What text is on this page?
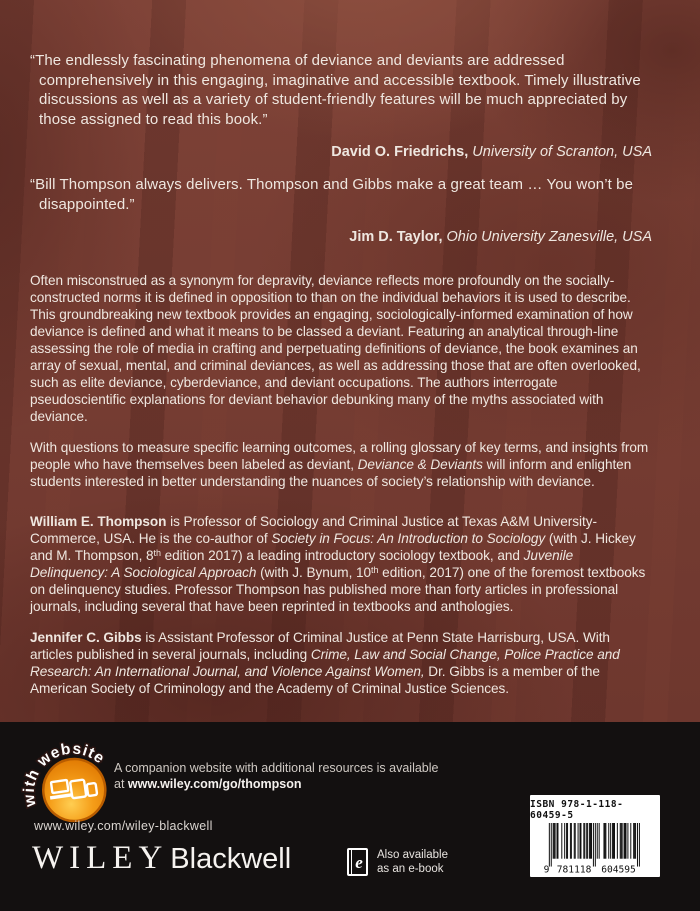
“The endlessly fascinating phenomena of deviance and deviants are addressed comprehensively in this engaging, imaginative and accessible textbook. Timely illustrative discussions as well as a variety of student-friendly features will be much appreciated by those assigned to read this book.”

David O. Friedrichs, University of Scranton, USA

“Bill Thompson always delivers. Thompson and Gibbs make a great team … You won’t be disappointed.”

Jim D. Taylor, Ohio University Zanesville, USA

Often misconstrued as a synonym for depravity, deviance reflects more profoundly on the socially-constructed norms it is defined in opposition to than on the individual behaviors it is used to describe. This groundbreaking new textbook provides an engaging, sociologically-informed examination of how deviance is defined and what it means to be classed a deviant. Featuring an analytical through-line assessing the role of media in crafting and perpetuating definitions of deviance, the book examines an array of sexual, mental, and criminal deviances, as well as addressing those that are often overlooked, such as elite deviance, cyberdeviance, and deviant occupations. The authors interrogate pseudoscientific explanations for deviant behavior debunking many of the myths associated with deviance.

With questions to measure specific learning outcomes, a rolling glossary of key terms, and insights from people who have themselves been labeled as deviant, Deviance & Deviants will inform and enlighten students interested in better understanding the nuances of society’s relationship with deviance.

William E. Thompson is Professor of Sociology and Criminal Justice at Texas A&M University-Commerce, USA. He is the co-author of Society in Focus: An Introduction to Sociology (with J. Hickey and M. Thompson, 8th edition 2017) a leading introductory sociology textbook, and Juvenile Delinquency: A Sociological Approach (with J. Bynum, 10th edition, 2017) one of the foremost textbooks on delinquency studies. Professor Thompson has published more than forty articles in professional journals, including several that have been reprinted in textbooks and anthologies.

Jennifer C. Gibbs is Assistant Professor of Criminal Justice at Penn State Harrisburg, USA. With articles published in several journals, including Crime, Law and Social Change, Police Practice and Research: An International Journal, and Violence Against Women, Dr. Gibbs is a member of the American Society of Criminology and the Academy of Criminal Justice Sciences.

with website
A companion website with additional resources is available
at www.wiley.com/go/thompson
www.wiley.com/wiley-blackwell
WILEYBlackwell	e Also available
as an e-book
ISBN 978-1-118-60459-5
9 781118 604595
